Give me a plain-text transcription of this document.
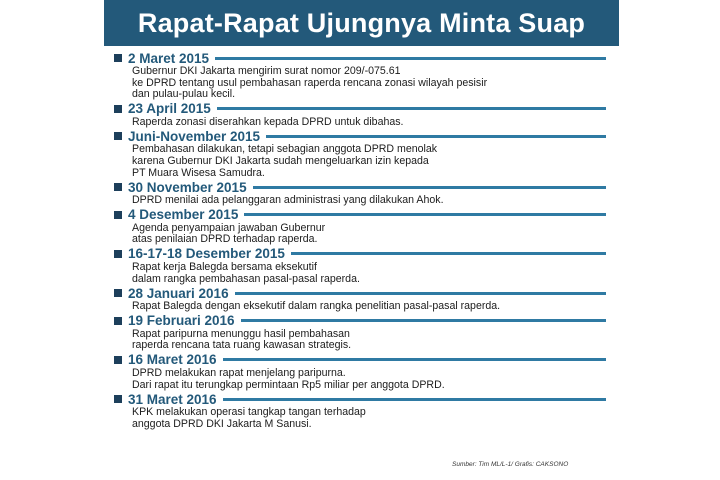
Rapat-Rapat Ujungnya Minta Suap
2 Maret 2015
Gubernur DKI Jakarta mengirim surat nomor 209/-075.61
ke DPRD tentang usul pembahasan raperda rencana zonasi wilayah pesisir
dan pulau-pulau kecil.
23 April 2015
Raperda zonasi diserahkan kepada DPRD untuk dibahas.
Juni-November 2015
Pembahasan dilakukan, tetapi sebagian anggota DPRD menolak
karena Gubernur DKI Jakarta sudah mengeluarkan izin kepada
PT Muara Wisesa Samudra.
30 November 2015
DPRD menilai ada pelanggaran administrasi yang dilakukan Ahok.
4 Desember 2015
Agenda penyampaian jawaban Gubernur
atas penilaian DPRD terhadap raperda.
16-17-18 Desember 2015
Rapat kerja Balegda bersama eksekutif
dalam rangka pembahasan pasal-pasal raperda.
28 Januari 2016
Rapat Balegda dengan eksekutif dalam rangka penelitian pasal-pasal raperda.
19 Februari 2016
Rapat paripurna menunggu hasil pembahasan
raperda rencana tata ruang kawasan strategis.
16 Maret 2016
DPRD melakukan rapat menjelang paripurna.
Dari rapat itu terungkap permintaan Rp5 miliar per anggota DPRD.
31 Maret 2016
KPK melakukan operasi tangkap tangan terhadap
anggota DPRD DKI Jakarta M Sanusi.
Sumber: Tim ML/L-1/ Grafis: CAKSONO
